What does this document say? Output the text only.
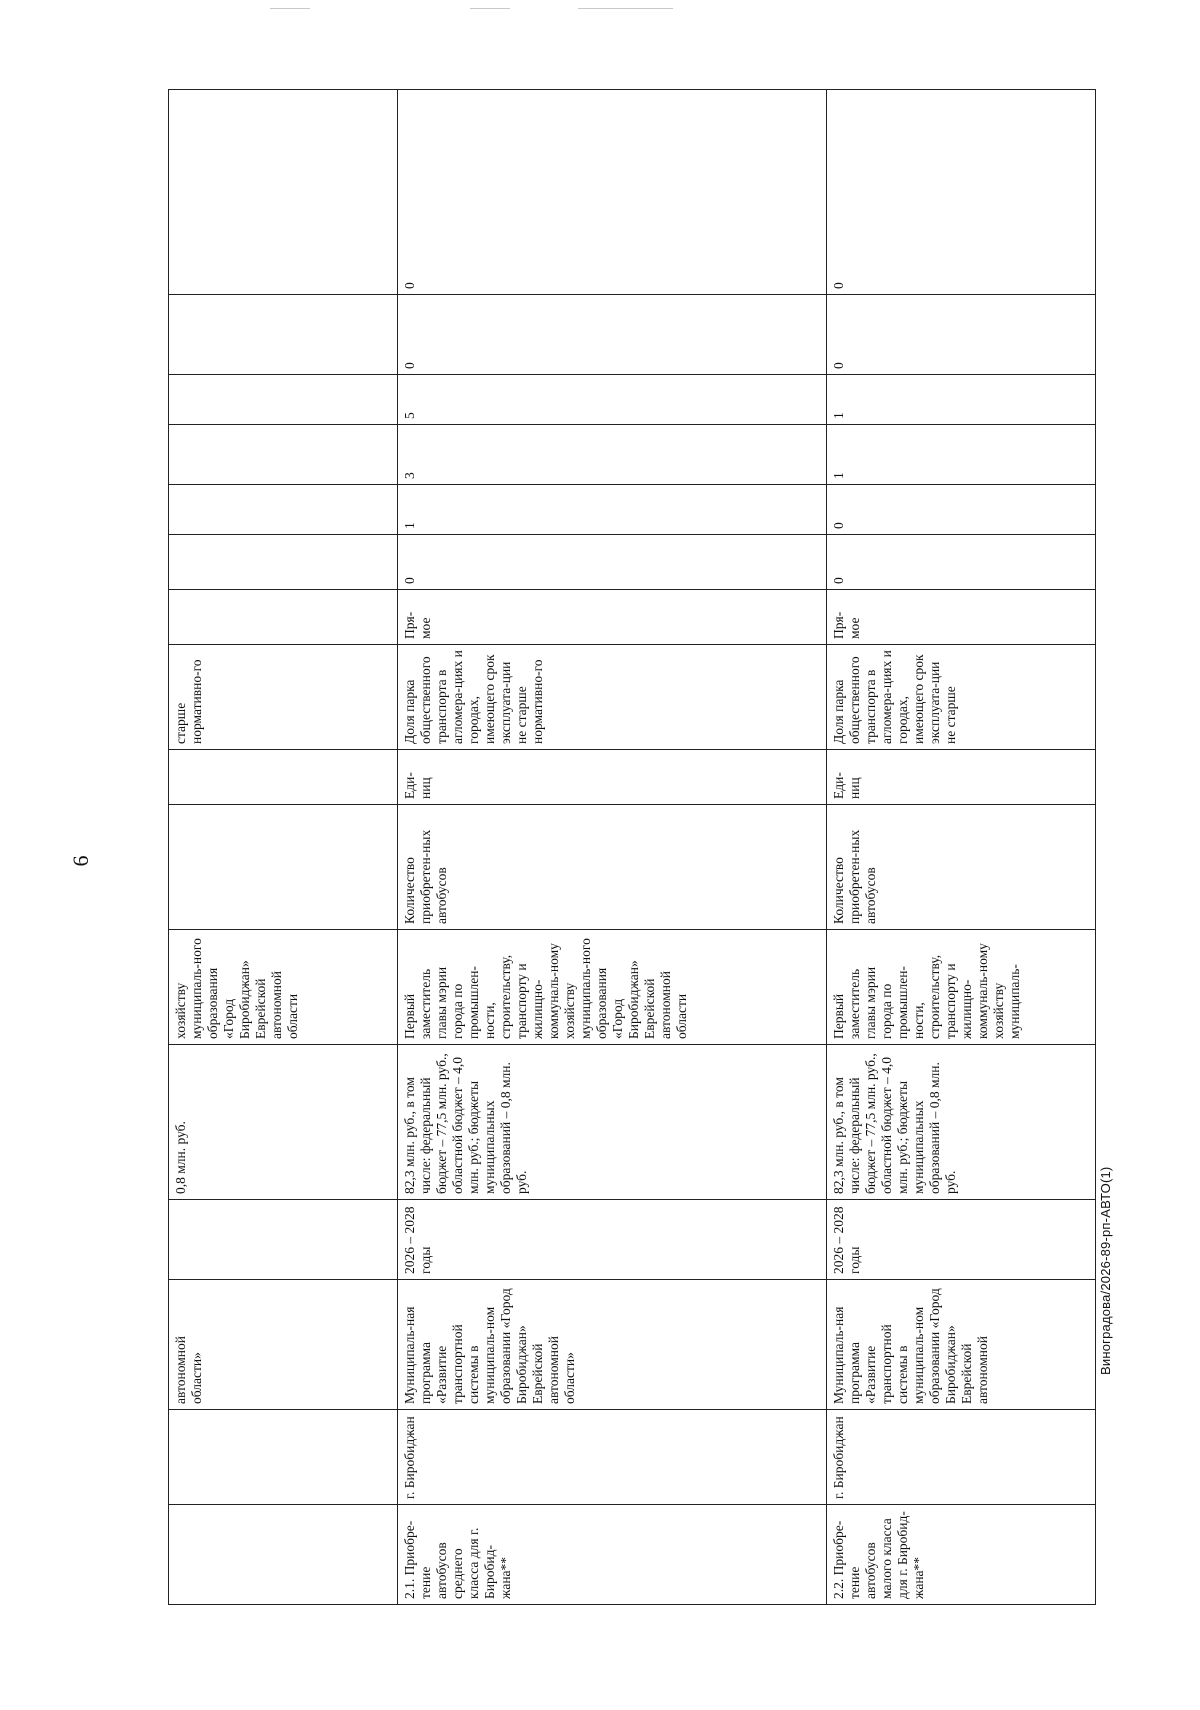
6
		автономной области»		0,8 млн. руб.	хозяйству муниципаль-ного образования «Город Биробиджан» Еврейской автономной области			старше нормативно-го							
2.1. Приобре-тение автобусов среднего класса для г. Биробид-жана**	г. Биробиджан	Муниципаль-ная программа «Развитие транспортной системы в муниципаль-ном образовании «Город Биробиджан» Еврейской автономной области»	2026 – 2028 годы	82,3 млн. руб., в том числе: федеральный бюджет – 77,5 млн. руб., областной бюджет – 4,0 млн. руб.; бюджеты муниципальных образований – 0,8 млн. руб.	Первый заместитель главы мэрии города по промышлен-ности, строительству, транспорту и жилищно-коммуналь-ному хозяйству муниципаль-ного образования «Город Биробиджан» Еврейской автономной области	Количество приобретен-ных автобусов	Еди-ниц	Доля парка общественного транспорта в агломера-циях и городах, имеющего срок эксплуата-ции не старше нормативно-го	Пря-мое	0	1	3	5	0	0
2.2. Приобре-тение автобусов малого класса для г. Биробид-жана**	г. Биробиджан	Муниципаль-ная программа «Развитие транспортной системы в муниципаль-ном образовании «Город Биробиджан» Еврейской автономной	2026 – 2028 годы	82,3 млн. руб., в том числе: федеральный бюджет – 77,5 млн. руб., областной бюджет – 4,0 млн. руб.; бюджеты муниципальных образований – 0,8 млн. руб.	Первый заместитель главы мэрии города по промышлен-ности, строительству, транспорту и жилищно-коммуналь-ному хозяйству муниципаль-	Количество приобретен-ных автобусов	Еди-ниц	Доля парка общественного транспорта в агломера-циях и городах, имеющего срок эксплуата-ции не старше	Пря-мое	0	0	1	1	0	0
Виноградова/2026-89-рп-АВТО(1)
